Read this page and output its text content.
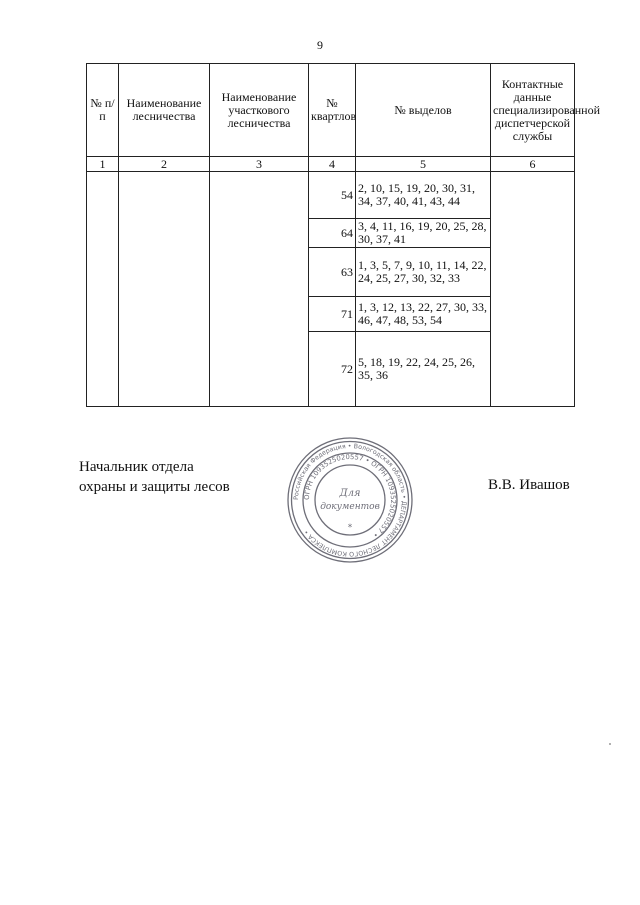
9
№ п/п	Наименование лесничества	Наименование участкового лесничества	№ квартлов	№ выделов	Контактные данные специализированной диспетчерской службы
1	2	3	4	5	6
			54	2, 10, 15, 19, 20, 30, 31, 34, 37, 40, 41, 43, 44	
			64	3, 4, 11, 16, 19, 20, 25, 28, 30, 37, 41	
			63	1, 3, 5, 7, 9, 10, 11, 14, 22, 24, 25, 27, 30, 32, 33	
			71	1, 3, 12, 13, 22, 27, 30, 33, 46, 47, 48, 53, 54	
			72	5, 18, 19, 22, 24, 25, 26, 35, 36	
Начальник отдела
охраны и защиты лесов
Российская Федерация • Вологодская область • ДЕПАРТАМЕНТ ЛЕСНОГО КОМПЛЕКСА •
ОГРН 1093525020557 • ОГРН 1093525020557 •
Для
документов
*
В.В. Ивашов
